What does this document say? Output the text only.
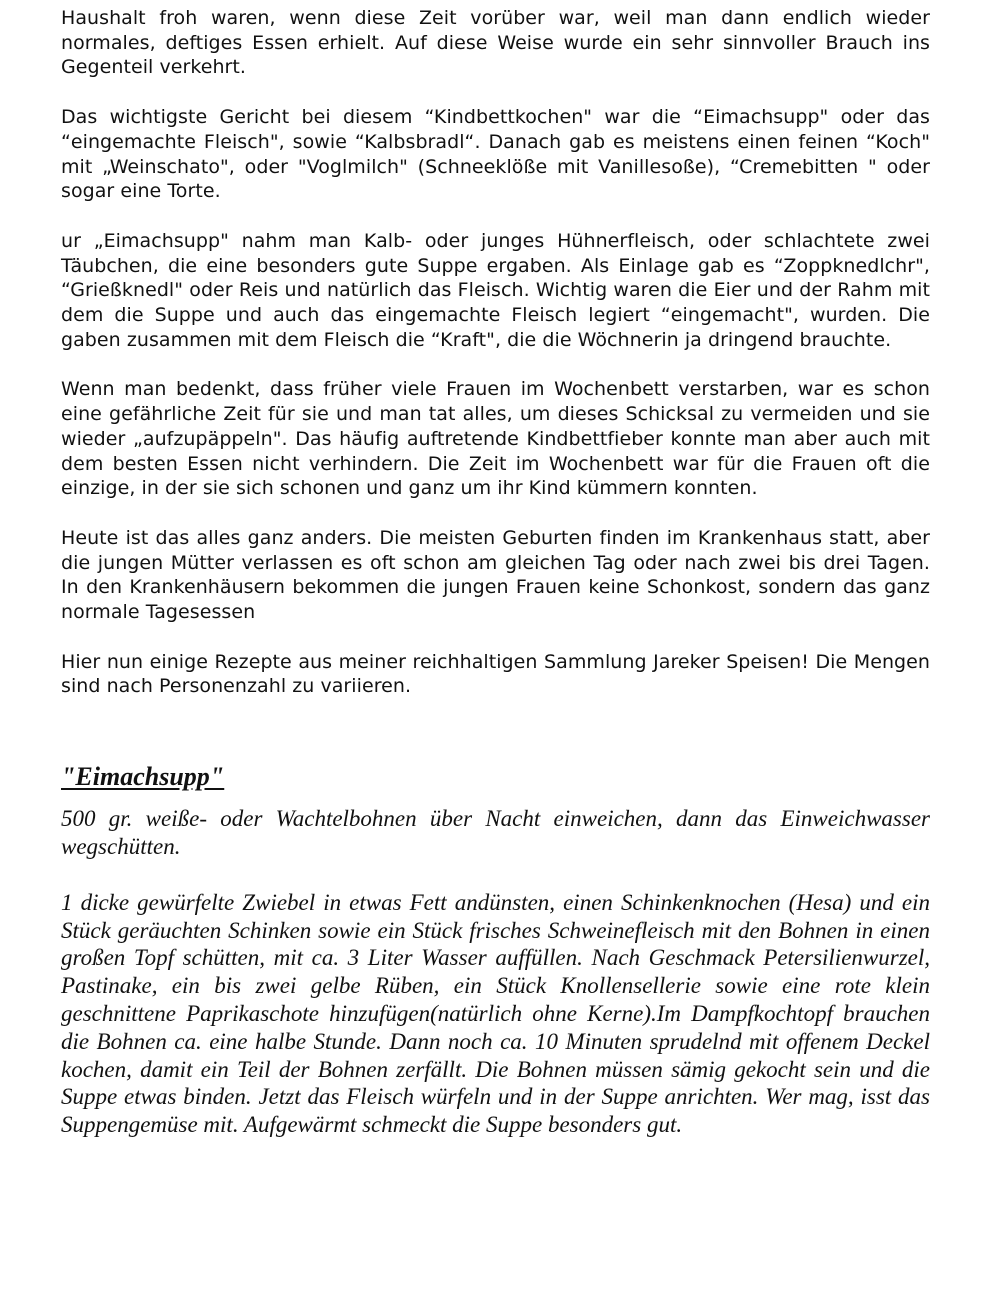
Haushalt froh waren, wenn diese Zeit vorüber war, weil man dann endlich wieder normales, deftiges Essen erhielt. Auf diese Weise wurde ein sehr sinnvoller Brauch ins Gegenteil verkehrt.

Das wichtigste Gericht bei diesem “Kindbettkochen" war die “Eimachsupp" oder das “eingemachte Fleisch", sowie “Kalbsbradl“. Danach gab es meistens einen feinen “Koch" mit „Weinschato", oder "Voglmilch" (Schneeklöße mit Vanillesoße), “Cremebitten " oder sogar eine Torte.

ur „Eimachsupp" nahm man Kalb- oder junges Hühnerfleisch, oder schlachtete zwei Täubchen, die eine besonders gute Suppe ergaben. Als Einlage gab es “Zoppknedlchr", “Grießknedl" oder Reis und natürlich das Fleisch. Wichtig waren die Eier und der Rahm mit dem die Suppe und auch das eingemachte Fleisch legiert “eingemacht", wurden. Die gaben zusammen mit dem Fleisch die “Kraft", die die Wöchnerin ja dringend brauchte.

Wenn man bedenkt, dass früher viele Frauen im Wochenbett verstarben, war es schon eine gefährliche Zeit für sie und man tat alles, um dieses Schicksal zu vermeiden und sie wieder „aufzupäppeln". Das häufig auftretende Kindbettfieber konnte man aber auch mit dem besten Essen nicht verhindern. Die Zeit im Wochenbett war für die Frauen oft die einzige, in der sie sich schonen und ganz um ihr Kind kümmern konnten.

Heute ist das alles ganz anders. Die meisten Geburten finden im Krankenhaus statt, aber die jungen Mütter verlassen es oft schon am gleichen Tag oder nach zwei bis drei Tagen. In den Krankenhäusern bekommen die jungen Frauen keine Schonkost, sondern das ganz normale Tagesessen

Hier nun einige Rezepte aus meiner reichhaltigen Sammlung Jareker Speisen! Die Mengen sind nach Personenzahl zu variieren.

"Eimachsupp"

500 gr. weiße- oder Wachtelbohnen über Nacht einweichen, dann das Einweichwasser wegschütten.

1 dicke gewürfelte Zwiebel in etwas Fett andünsten, einen Schinkenknochen (Hesa) und ein Stück geräuchten Schinken sowie ein Stück frisches Schweinefleisch mit den Bohnen in einen großen Topf schütten, mit ca. 3 Liter Wasser auffüllen. Nach Geschmack Petersilienwurzel, Pastinake, ein bis zwei gelbe Rüben, ein Stück Knollensellerie sowie eine rote klein geschnittene Paprikaschote hinzufügen(natürlich ohne Kerne).Im Dampfkochtopf brauchen die Bohnen ca. eine halbe Stunde. Dann noch ca. 10 Minuten sprudelnd mit offenem Deckel kochen, damit ein Teil der Bohnen zerfällt. Die Bohnen müssen sämig gekocht sein und die Suppe etwas binden. Jetzt das Fleisch würfeln und in der Suppe anrichten. Wer mag, isst das Suppengemüse mit. Aufgewärmt schmeckt die Suppe besonders gut.
